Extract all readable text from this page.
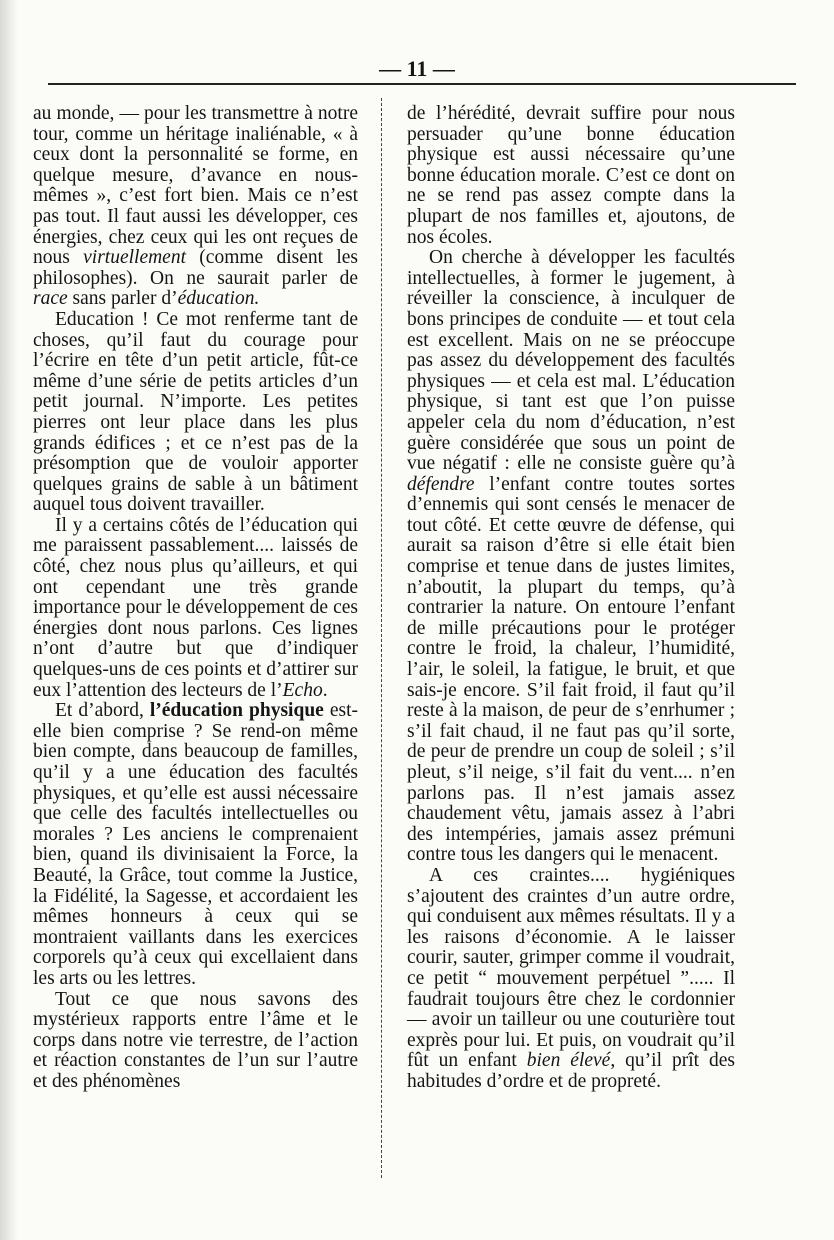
— 11 —

au monde, — pour les transmettre à notre tour, comme un héritage inaliénable, « à ceux dont la personnalité se forme, en quelque mesure, d’avance en nous-mêmes », c’est fort bien. Mais ce n’est pas tout. Il faut aussi les développer, ces énergies, chez ceux qui les ont reçues de nous virtuellement (comme disent les philosophes). On ne saurait parler de race sans parler d’éducation.

Education ! Ce mot renferme tant de choses, qu’il faut du courage pour l’écrire en tête d’un petit article, fût-ce même d’une série de petits articles d’un petit journal. N’importe. Les petites pierres ont leur place dans les plus grands édifices ; et ce n’est pas de la présomption que de vouloir apporter quelques grains de sable à un bâtiment auquel tous doivent travailler.

Il y a certains côtés de l’éducation qui me paraissent passablement.... laissés de côté, chez nous plus qu’ailleurs, et qui ont cependant une très grande importance pour le développement de ces énergies dont nous parlons. Ces lignes n’ont d’autre but que d’indiquer quelques-uns de ces points et d’attirer sur eux l’attention des lecteurs de l’Echo.

Et d’abord, l’éducation physique est-elle bien comprise ? Se rend-on même bien compte, dans beaucoup de familles, qu’il y a une éducation des facultés physiques, et qu’elle est aussi nécessaire que celle des facultés intellectuelles ou morales ? Les anciens le comprenaient bien, quand ils divinisaient la Force, la Beauté, la Grâce, tout comme la Justice, la Fidélité, la Sagesse, et accordaient les mêmes honneurs à ceux qui se montraient vaillants dans les exercices corporels qu’à ceux qui excellaient dans les arts ou les lettres.

Tout ce que nous savons des mystérieux rapports entre l’âme et le corps dans notre vie terrestre, de l’action et réaction constantes de l’un sur l’autre et des phénomènes

de l’hérédité, devrait suffire pour nous persuader qu’une bonne éducation physique est aussi nécessaire qu’une bonne éducation morale. C’est ce dont on ne se rend pas assez compte dans la plupart de nos familles et, ajoutons, de nos écoles.

On cherche à développer les facultés intellectuelles, à former le jugement, à réveiller la conscience, à inculquer de bons principes de conduite — et tout cela est excellent. Mais on ne se préoccupe pas assez du développement des facultés physiques — et cela est mal. L’éducation physique, si tant est que l’on puisse appeler cela du nom d’éducation, n’est guère considérée que sous un point de vue négatif : elle ne consiste guère qu’à défendre l’enfant contre toutes sortes d’ennemis qui sont censés le menacer de tout côté. Et cette œuvre de défense, qui aurait sa raison d’être si elle était bien comprise et tenue dans de justes limites, n’aboutit, la plupart du temps, qu’à contrarier la nature. On entoure l’enfant de mille précautions pour le protéger contre le froid, la chaleur, l’humidité, l’air, le soleil, la fatigue, le bruit, et que sais-je encore. S’il fait froid, il faut qu’il reste à la maison, de peur de s’enrhumer ; s’il fait chaud, il ne faut pas qu’il sorte, de peur de prendre un coup de soleil ; s’il pleut, s’il neige, s’il fait du vent.... n’en parlons pas. Il n’est jamais assez chaudement vêtu, jamais assez à l’abri des intempéries, jamais assez prémuni contre tous les dangers qui le menacent.

A ces craintes.... hygiéniques s’ajoutent des craintes d’un autre ordre, qui conduisent aux mêmes résultats. Il y a les raisons d’économie. A le laisser courir, sauter, grimper comme il voudrait, ce petit “ mouvement perpétuel ”..... Il faudrait toujours être chez le cordonnier — avoir un tailleur ou une couturière tout exprès pour lui. Et puis, on voudrait qu’il fût un enfant bien élevé, qu’il prît des habitudes d’ordre et de propreté.
